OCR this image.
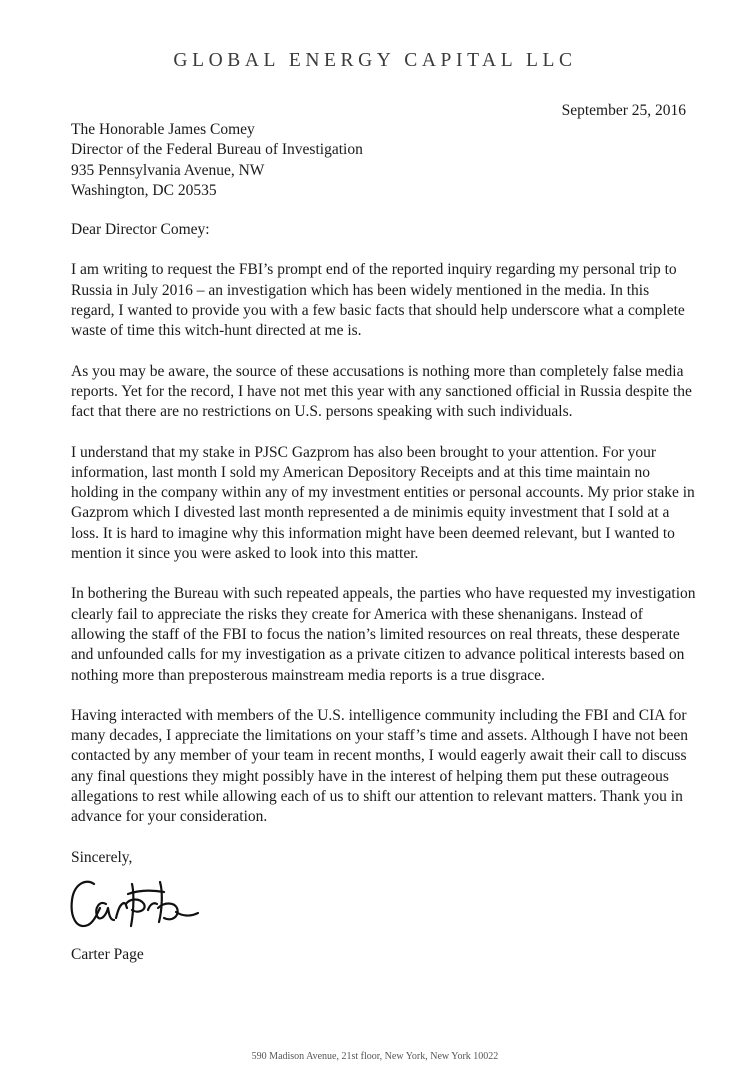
GLOBAL ENERGY CAPITAL LLC
September 25, 2016
The Honorable James Comey
Director of the Federal Bureau of Investigation
935 Pennsylvania Avenue, NW
Washington, DC 20535
Dear Director Comey:
I am writing to request the FBI’s prompt end of the reported inquiry regarding my personal trip to Russia in July 2016 – an investigation which has been widely mentioned in the media. In this regard, I wanted to provide you with a few basic facts that should help underscore what a complete waste of time this witch-hunt directed at me is.
As you may be aware, the source of these accusations is nothing more than completely false media reports. Yet for the record, I have not met this year with any sanctioned official in Russia despite the fact that there are no restrictions on U.S. persons speaking with such individuals.
I understand that my stake in PJSC Gazprom has also been brought to your attention. For your information, last month I sold my American Depository Receipts and at this time maintain no holding in the company within any of my investment entities or personal accounts. My prior stake in Gazprom which I divested last month represented a de minimis equity investment that I sold at a loss. It is hard to imagine why this information might have been deemed relevant, but I wanted to mention it since you were asked to look into this matter.
In bothering the Bureau with such repeated appeals, the parties who have requested my investigation clearly fail to appreciate the risks they create for America with these shenanigans. Instead of allowing the staff of the FBI to focus the nation’s limited resources on real threats, these desperate and unfounded calls for my investigation as a private citizen to advance political interests based on nothing more than preposterous mainstream media reports is a true disgrace.
Having interacted with members of the U.S. intelligence community including the FBI and CIA for many decades, I appreciate the limitations on your staff’s time and assets. Although I have not been contacted by any member of your team in recent months, I would eagerly await their call to discuss any final questions they might possibly have in the interest of helping them put these outrageous allegations to rest while allowing each of us to shift our attention to relevant matters. Thank you in advance for your consideration.
Sincerely,
Carter Page
590 Madison Avenue, 21st floor, New York, New York 10022
